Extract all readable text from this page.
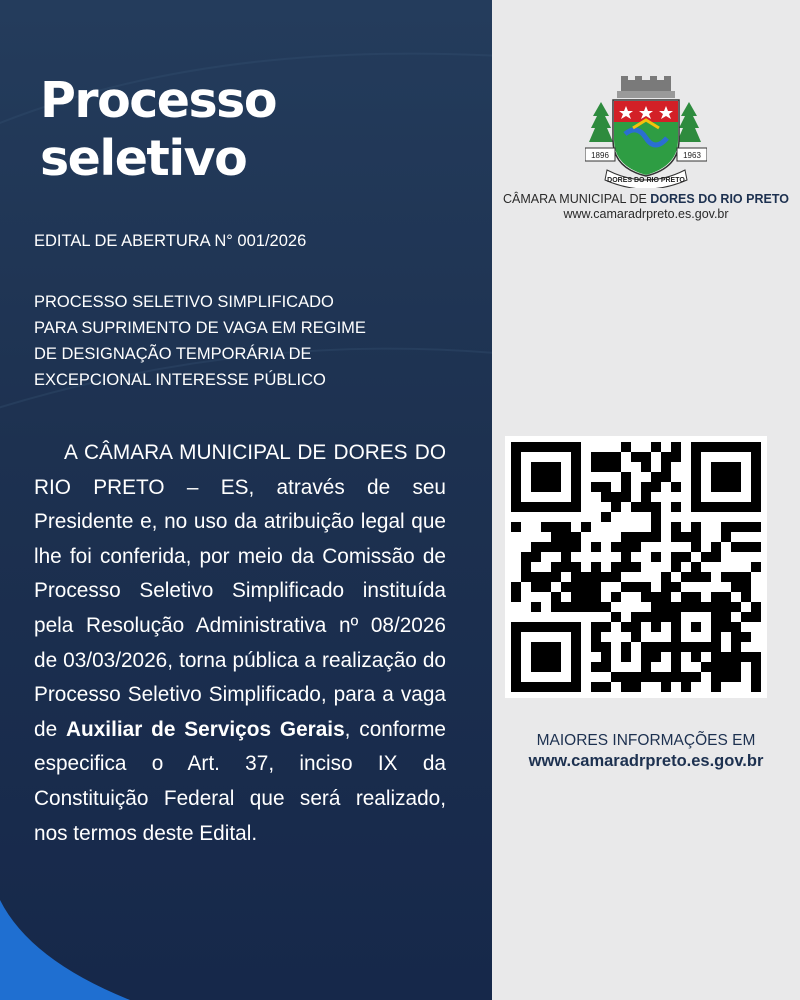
Processo
seletivo
EDITAL DE ABERTURA N° 001/2026
PROCESSO SELETIVO SIMPLIFICADO
PARA SUPRIMENTO DE VAGA EM REGIME
DE DESIGNAÇÃO TEMPORÁRIA DE
EXCEPCIONAL INTERESSE PÚBLICO

A CÂMARA MUNICIPAL DE DORES DO RIO PRETO – ES, através de seu Presidente e, no uso da atribuição legal que lhe foi conferida, por meio da Comissão de Processo Seletivo Simplificado instituída pela Resolução Administrativa nº 08/2026 de 03/03/2026, torna pública a realização do Processo Seletivo Simplificado, para a vaga de Auxiliar de Serviços Gerais, conforme especifica o Art. 37, inciso IX da Constituição Federal que será realizado, nos termos deste Edital.

1896	1963
DORES DO RIO PRETO
CÂMARA MUNICIPAL DE DORES DO RIO PRETO
www.camaradrpreto.es.gov.br
MAIORES INFORMAÇÕES EM
www.camaradrpreto.es.gov.br
